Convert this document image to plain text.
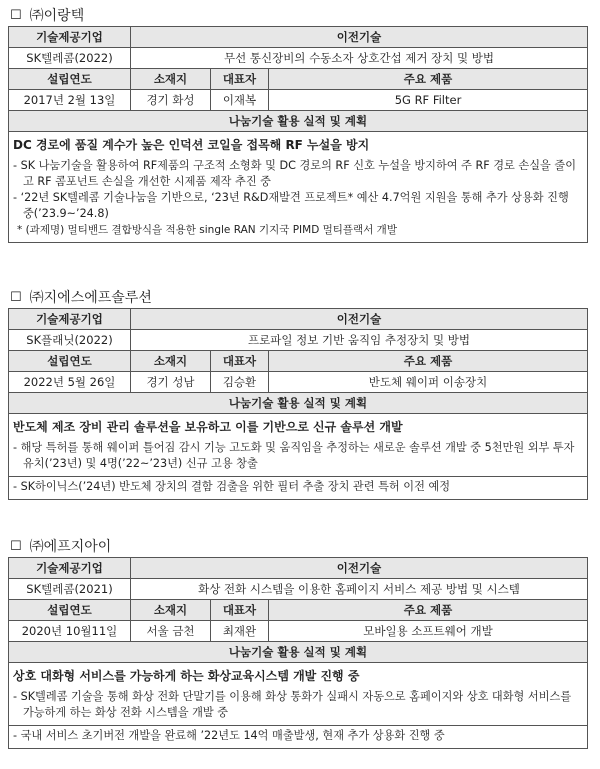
☐ ㈜이랑텍
기술제공기업	이전기술		
SK텔레콤(2022)	무선 통신장비의 수동소자 상호간섭 제거 장치 및 방법		
설립연도	소재지	대표자	주요 제품
2017년 2월 13일	경기 화성	이재복	5G RF Filter
나눔기술 활용 실적 및 계획			
DC 경로에 품질 계수가 높은 인덕션 코일을 접목해 RF 누설을 방지
- SK 나눔기술을 활용하여 RF제품의 구조적 소형화 및 DC 경로의 RF 신호 누설을 방지하여 주 RF 경로 손실을 줄이고 RF 콤포넌트 손실을 개선한 시제품 제작 추진 중
- ‘22년 SK텔레콤 기술나눔을 기반으로, ‘23년 R&D재발견 프로젝트* 예산 4.7억원 지원을 통해 추가 상용화 진행 중(’23.9~’24.8)
* (과제명) 멀티밴드 결합방식을 적용한 single RAN 기지국 PIMD 멀티플랙서 개발
☐ ㈜지에스에프솔루션
기술제공기업	이전기술		
SK플래닛(2022)	프로파일 정보 기반 움직임 추정장치 및 방법		
설립연도	소재지	대표자	주요 제품
2022년 5월 26일	경기 성남	김승환	반도체 웨이퍼 이송장치
나눔기술 활용 실적 및 계획			
반도체 제조 장비 관리 솔루션을 보유하고 이를 기반으로 신규 솔루션 개발
- 해당 특허를 통해 웨이퍼 틀어짐 감시 기능 고도화 및 움직임을 추정하는 새로운 솔루션 개발 중 5천만원 외부 투자 유치(’23년) 및 4명(’22~’23년) 신규 고용 창출
- SK하이닉스(’24년) 반도체 장치의 결함 검출을 위한 필터 추출 장치 관련 특허 이전 예정
☐ ㈜에프지아이
기술제공기업	이전기술		
SK텔레콤(2021)	화상 전화 시스템을 이용한 홈페이지 서비스 제공 방법 및 시스템		
설립연도	소재지	대표자	주요 제품
2020년 10월11일	서울 금천	최재완	모바일용 소프트웨어 개발
나눔기술 활용 실적 및 계획			
상호 대화형 서비스를 가능하게 하는 화상교육시스템 개발 진행 중
- SK텔레콤 기술을 통해 화상 전화 단말기를 이용해 화상 통화가 실패시 자동으로 홈페이지와 상호 대화형 서비스를 가능하게 하는 화상 전화 시스템을 개발 중
- 국내 서비스 초기버전 개발을 완료해 ’22년도 14억 매출발생, 현재 추가 상용화 진행 중
